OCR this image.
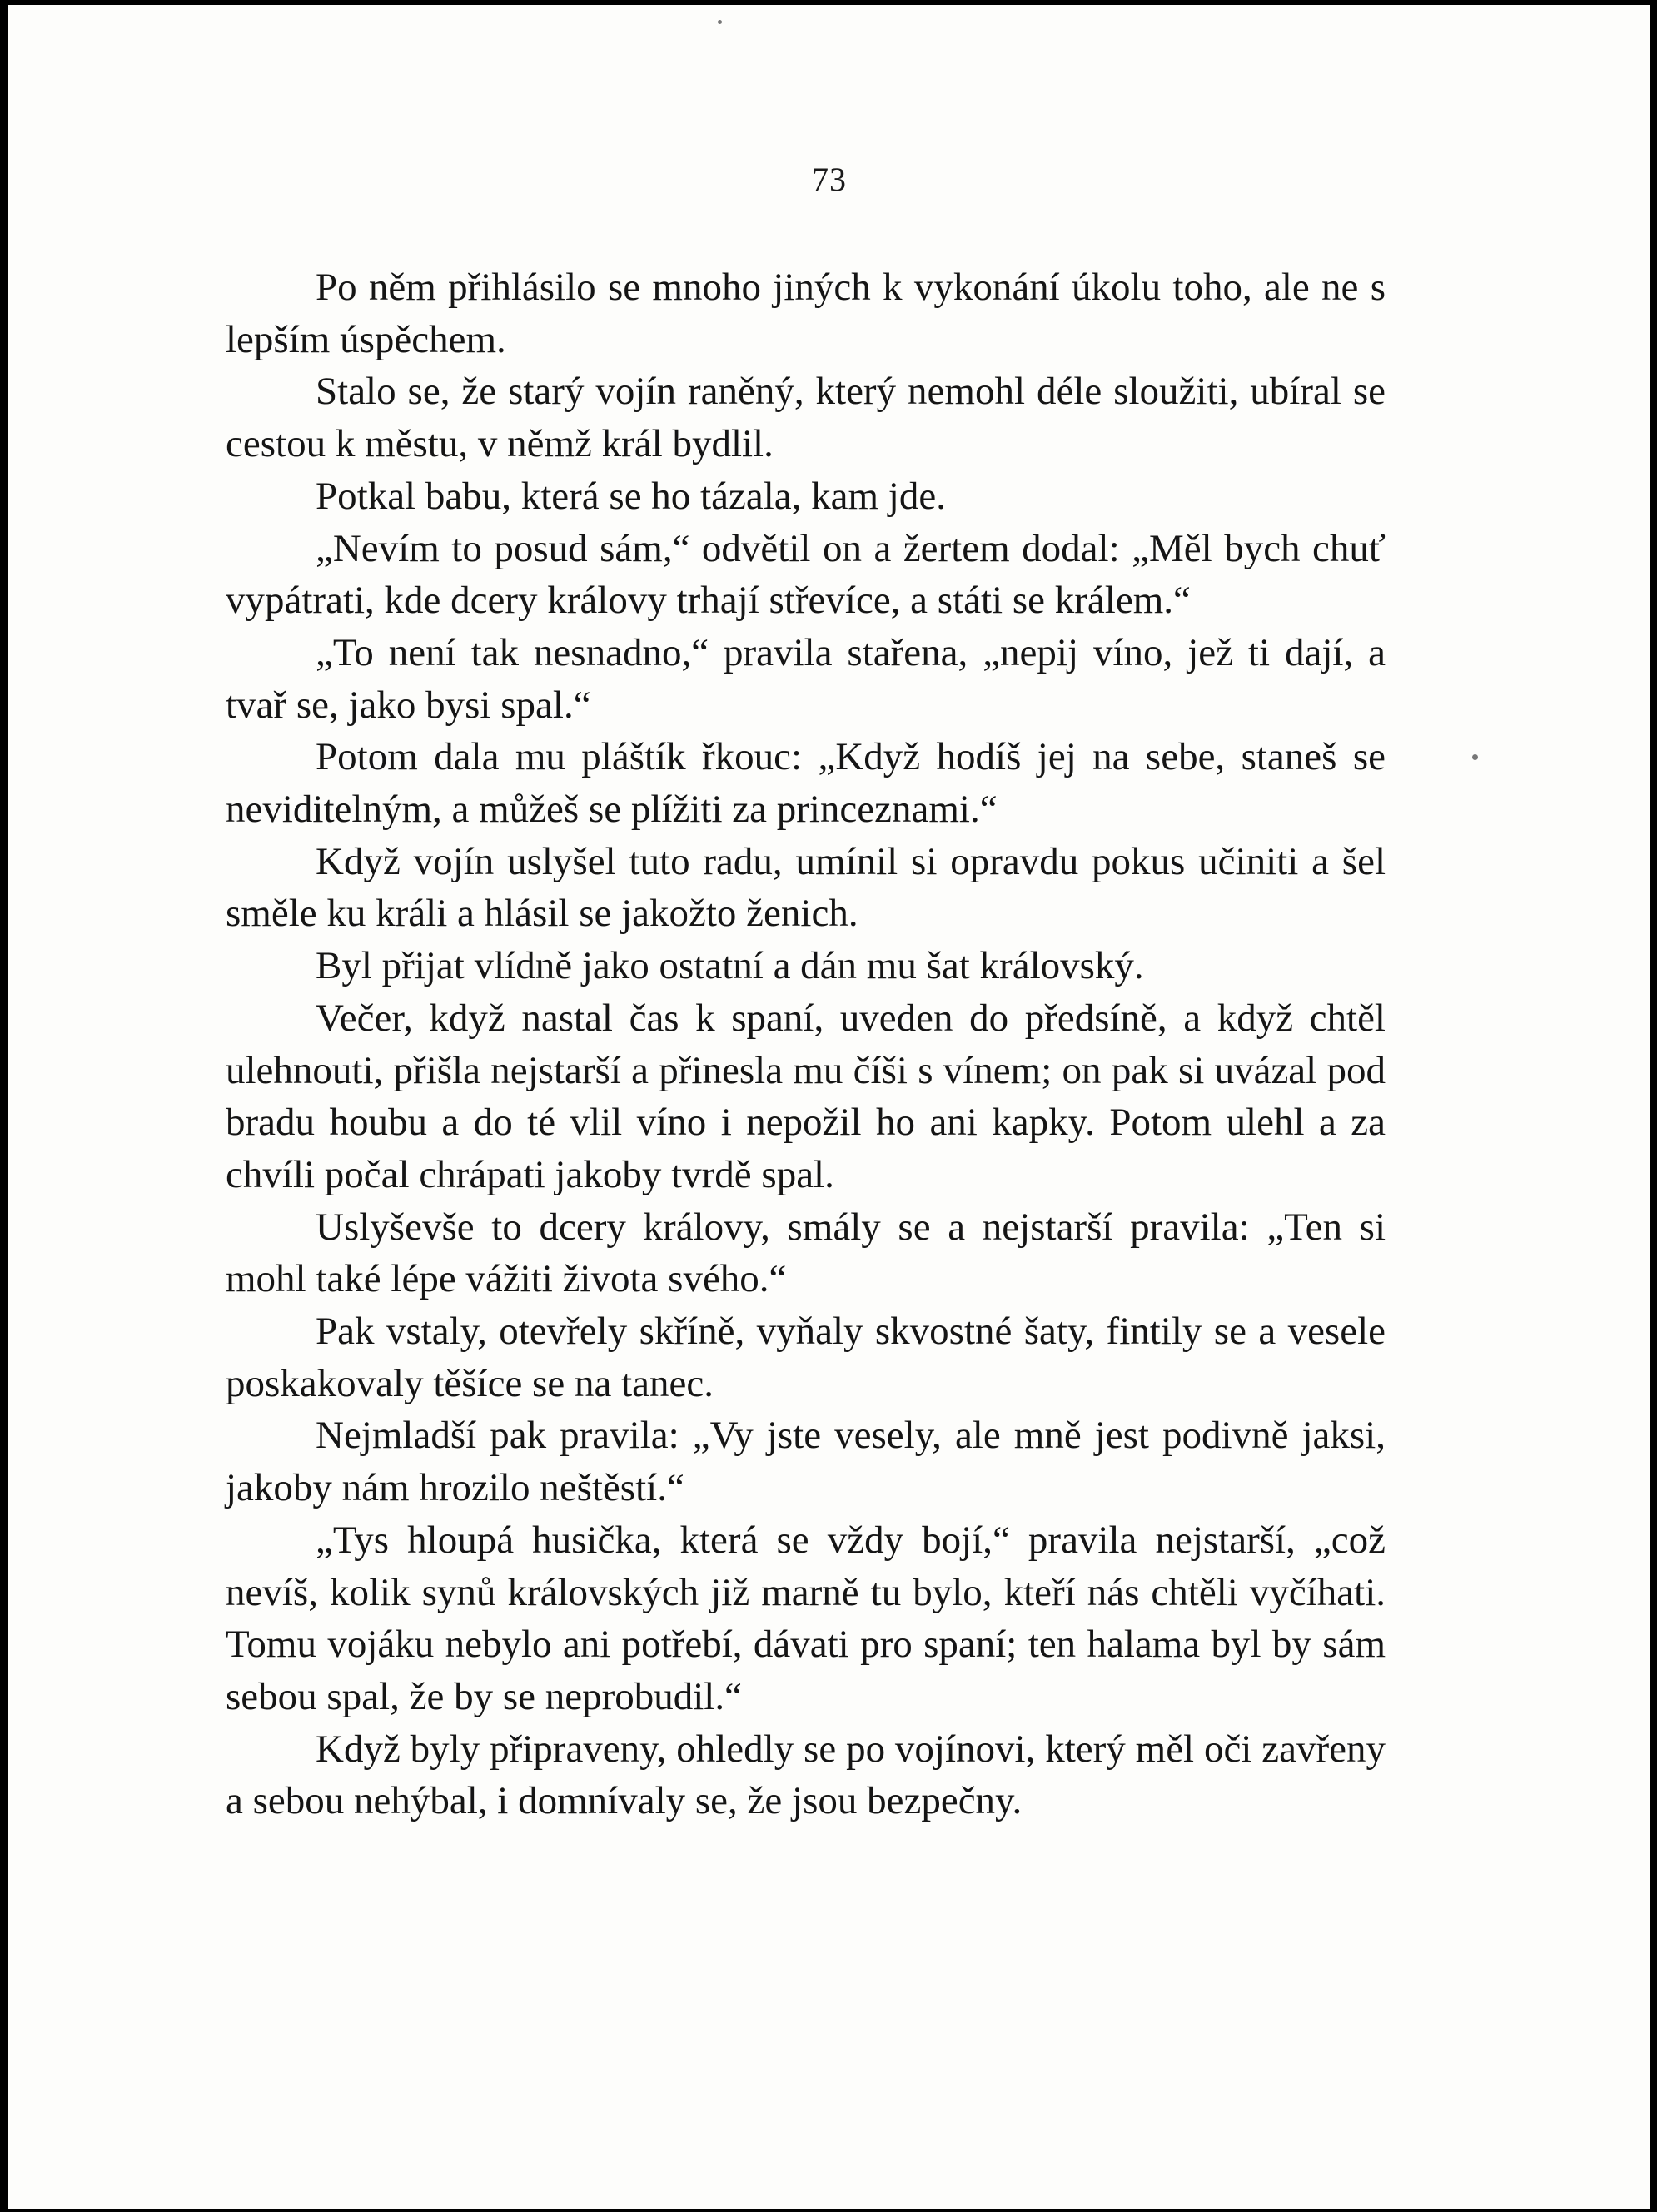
73

Po něm přihlásilo se mnoho jiných k vykonání úkolu toho, ale ne s lepším úspěchem.

Stalo se, že starý vojín raněný, který nemohl déle sloužiti, ubíral se cestou k městu, v němž král bydlil.

Potkal babu, která se ho tázala, kam jde.

„Nevím to posud sám,“ odvětil on a žertem dodal: „Měl bych chuť vypátrati, kde dcery královy trhají střevíce, a státi se králem.“

„To není tak nesnadno,“ pravila stařena, „nepij víno, jež ti dají, a tvař se, jako bysi spal.“

Potom dala mu pláštík řkouc: „Když hodíš jej na sebe, staneš se neviditelným, a můžeš se plížiti za princeznami.“

Když vojín uslyšel tuto radu, umínil si opravdu pokus učiniti a šel směle ku králi a hlásil se jakožto ženich.

Byl přijat vlídně jako ostatní a dán mu šat královský.

Večer, když nastal čas k spaní, uveden do předsíně, a když chtěl ulehnouti, přišla nejstarší a přinesla mu číši s vínem; on pak si uvázal pod bradu houbu a do té vlil víno i nepožil ho ani kapky. Potom ulehl a za chvíli počal chrápati jakoby tvrdě spal.

Uslyševše to dcery královy, smály se a nejstarší pravila: „Ten si mohl také lépe vážiti života svého.“

Pak vstaly, otevřely skříně, vyňaly skvostné šaty, fintily se a vesele poskakovaly těšíce se na tanec.

Nejmladší pak pravila: „Vy jste vesely, ale mně jest podivně jaksi, jakoby nám hrozilo neštěstí.“

„Tys hloupá husička, která se vždy bojí,“ pravila nejstarší, „což nevíš, kolik synů královských již marně tu bylo, kteří nás chtěli vyčíhati. Tomu vojáku nebylo ani potřebí, dávati pro spaní; ten halama byl by sám sebou spal, že by se neprobudil.“

Když byly připraveny, ohledly se po vojínovi, který měl oči zavřeny a sebou nehýbal, i domnívaly se, že jsou bezpečny.
